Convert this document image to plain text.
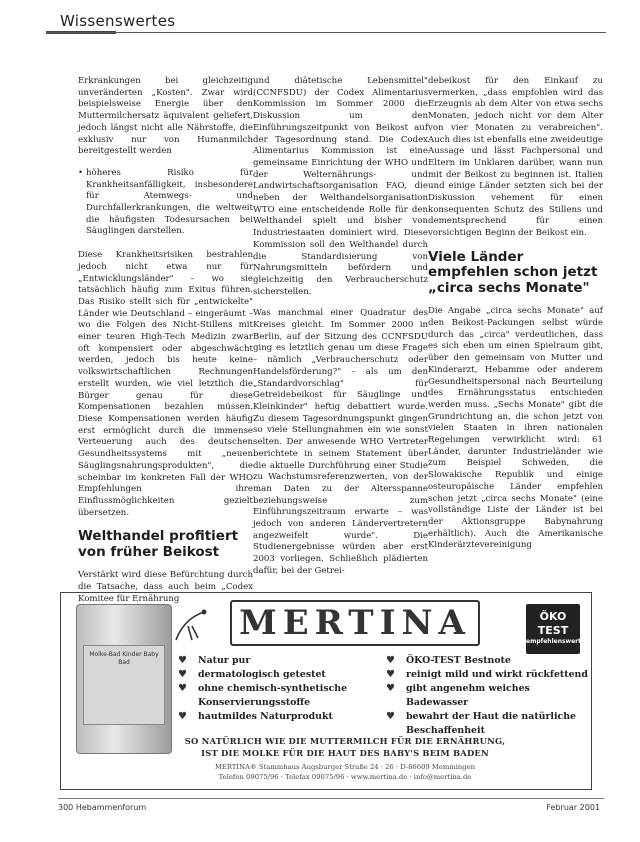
Wissenswertes

Erkrankungen bei gleichzeitig unveränderten „Kosten". Zwar wird beispielsweise Energie über den Muttermilchersatz äquivalent geliefert, jedoch längst nicht alle Nährstoffe, die exklusiv nur von Humanmilch bereitgestellt werden

• höheres Risiko für Krankheitsanfälligkeit, insbesondere für Atemwegs- und Durchfallerkrankungen, die weltweit die häufigsten Todesursachen bei Säuglingen darstellen.

Diese Krankheitsrisiken bestrahlen jedoch nicht etwa nur für „Entwicklungsländer" – wo sie tatsächlich häufig zum Exitus führen. Das Risiko stellt sich für „entwickelte" Länder wie Deutschland – eingeräumt – wo die Folgen des Nicht-Stillens mit einer teuren High-Tech Medizin zwar oft kompensiert oder abgeschwächt werden, jedoch bis heute keine volkswirtschaftlichen Rechnungen erstellt wurden, wie viel letztlich die Bürger genau für diese Kompensationen bezahlen müssen. Diese Kompensationen werden häufig erst ermöglicht durch die immense Verteuerung auch des deutschen Gesundheitssystems mit „neuen Säuglingsnahrungsprodukten", die scheinbar im konkreten Fall der WHO Empfehlungen ihre Einflussmöglichkeiten gezielt übersetzen.

Welthandel profitiert von früher Beikost

Verstärkt wird diese Befürchtung durch die Tatsache, dass auch beim „Codex Komitee für Ernährung

und diätetische Lebensmittel" (CCNFSDU) der Codex Alimentarius Kommission im Sommer 2000 die Diskussion um den Einführungszeitpunkt von Beikost auf der Tagesordnung stand. Die Codex Alimentarius Kommission ist eine gemeinsame Einrichtung der WHO und der Welternährungs- und Landwirtschaftsorganisation FAO, die neben der Welthandelsorganisation WTO eine entscheidende Rolle für den Welthandel spielt und bisher von Industriestaaten dominiert wird. Diese Kommission soll den Welthandel durch die Standardisierung von Nahrungsmitteln befördern und gleichzeitig den Verbraucherschutz sicherstellen.

Was manchmal einer Quadratur des Kreises gleicht. Im Sommer 2000 in Berlin, auf der Sitzung des CCNFSDU ging es letztlich genau um diese Frage – nämlich „Verbraucherschutz oder Handelsförderung?" – als um den „Standardvorschlag" für Getreidebeikost für Säuglinge und Kleinkinder" heftig debattiert wurde. Zu diesem Tagesordnungspunkt gingen so viele Stellungnahmen ein wie sonst selten. Der anwesende WHO Vertreter berichtete in seinem Statement über die aktuelle Durchführung einer Studie zu Wachstumsreferenzwerten, von der man Daten zu der Altersspanne beziehungsweise zum Einführungszeitraum erwarte – was jedoch von anderen Ländervertretern angezweifelt wurde". Die Studienergebnisse würden aber erst 2003 vorliegen. Schließlich plädierten dafür, bei der Getrei-

debeikost für den Einkauf zu vermerken, „dass empfohlen wird das Erzeugnis ab dem Alter von etwa sechs Monaten, jedoch nicht vor dem Alter von vier Monaten zu verabreichen". Auch dies ist ebenfalls eine zweideutige Aussage und lässt Fachpersonal und Eltern im Unklaren darüber, wann nun mit der Beikost zu beginnen ist. Italien und einige Länder setzten sich bei der Diskussion vehement für einen konsequenten Schutz des Stillens und dementsprechend für einen vorsichtigen Beginn der Beikost ein.

Viele Länder empfehlen schon jetzt „circa sechs Monate"

Die Angabe „circa sechs Monate" auf den Beikost-Packungen selbst würde durch das „circa" verdeutlichen, dass es sich eben um einen Spielraum gibt, über den gemeinsam von Mutter und Kinderarzt, Hebamme oder anderem Gesundheitspersonal nach Beurteilung des Ernährungsstatus entschieden werden muss. „Sechs Monate" gibt die Grundrichtung an, die schon jetzt von vielen Staaten in ihren nationalen Regelungen verwirklicht wird: 61 Länder, darunter Industrieländer wie zum Beispiel Schweden, die Slowakische Republik und einige osteuropäische Länder empfehlen schon jetzt „circa sechs Monate" (eine vollständige Liste der Länder ist bei der Aktionsgruppe Babynahrung erhältlich). Auch die Amerikanische Kinderärztevereinigung

Molke-Bad Kinder Baby Bad
MERTINA	ÖKO TEST
empfehlenswert
♥ Natur pur
♥ dermatologisch getestet
♥ ohne chemisch-synthetische Konservierungsstoffe
♥ hautmildes Naturprodukt
♥ ÖKO-TEST Bestnote
♥ reinigt mild und wirkt rückfettend
♥ gibt angenehm weiches Badewasser
♥ bewahrt der Haut die natürliche Beschaffenheit
SO NATÜRLICH WIE DIE MUTTERMILCH FÜR DIE ERNÄHRUNG,
IST DIE MOLKE FÜR DIE HAUT DES BABY'S BEIM BADEN
MERTINA® Stammhaus Augsburger Straße 24 · 26 · D-86609 Memmingen
Telefon 09075/96 · Telefax 09075/96 · www.mertina.de · info@mertina.de
300 Hebammenforum	Februar 2001
